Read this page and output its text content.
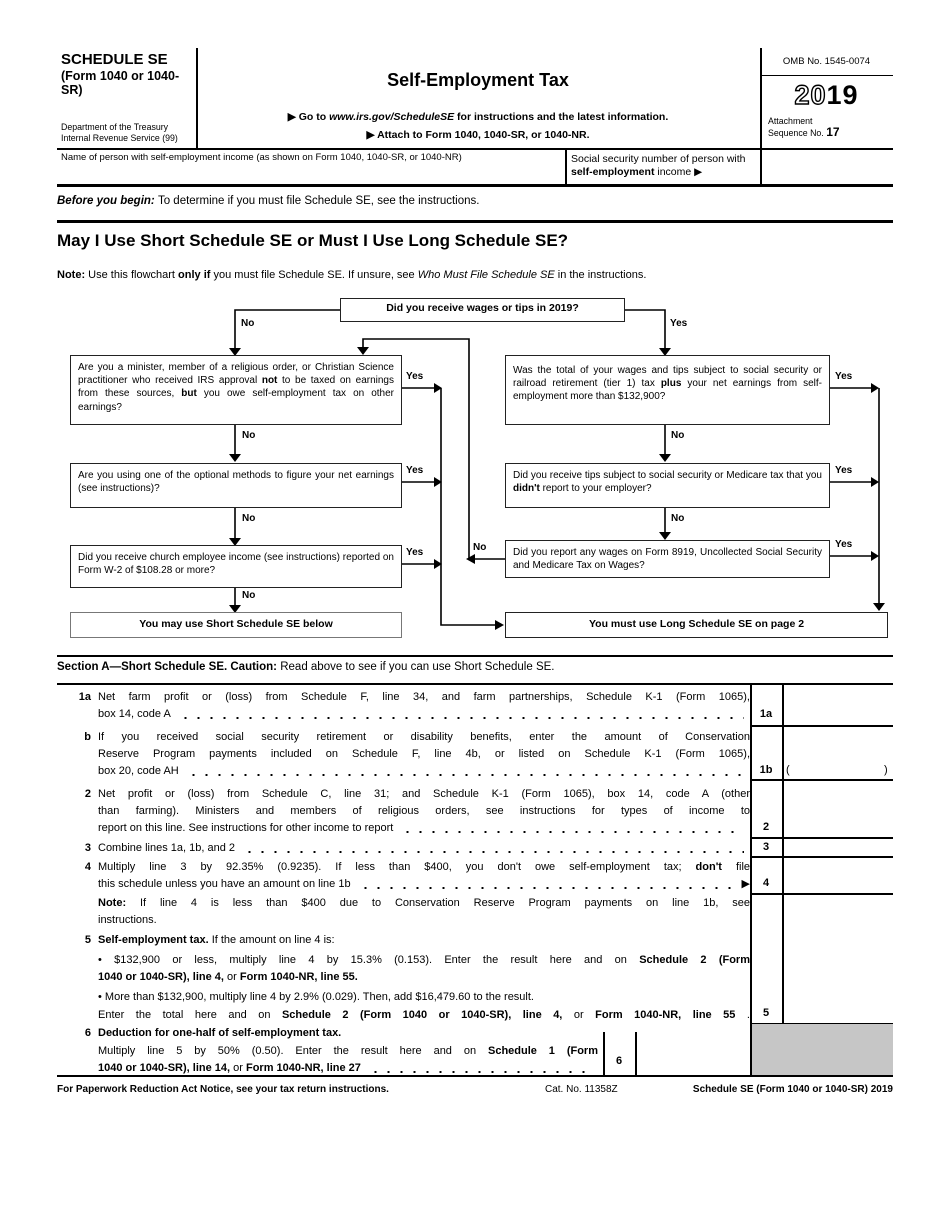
SCHEDULE SE
(Form 1040 or 1040-SR)
Department of the Treasury
Internal Revenue Service (99)
Self-Employment Tax
▶ Go to www.irs.gov/ScheduleSE for instructions and the latest information.
▶ Attach to Form 1040, 1040-SR, or 1040-NR.
OMB No. 1545-0074
2019
Attachment
Sequence No. 17
Name of person with self-employment income (as shown on Form 1040, 1040-SR, or 1040-NR)	Social security number of person with self-employment income ▶
Before you begin: To determine if you must file Schedule SE, see the instructions.
May I Use Short Schedule SE or Must I Use Long Schedule SE?
Note: Use this flowchart only if you must file Schedule SE. If unsure, see Who Must File Schedule SE in the instructions.
Did you receive wages or tips in 2019?
Are you a minister, member of a religious order, or Christian Science practitioner who received IRS approval not to be taxed on earnings from these sources, but you owe self-employment tax on other earnings?
Are you using one of the optional methods to figure your net earnings (see instructions)?
Did you receive church employee income (see instructions) reported on Form W-2 of $108.28 or more?
Was the total of your wages and tips subject to social security or railroad retirement (tier 1) tax plus your net earnings from self-employment more than $132,900?
Did you receive tips subject to social security or Medicare tax that you didn't report to your employer?
Did you report any wages on Form 8919, Uncollected Social Security and Medicare Tax on Wages?
You may use Short Schedule SE below	You must use Long Schedule SE on page 2
No	Yes
No
No
No
Yes
Yes
Yes
No
No
No
Yes
Yes
Yes
Section A—Short Schedule SE. Caution: Read above to see if you can use Short Schedule SE.
1a Net farm profit or (loss) from Schedule F, line 34, and farm partnerships, Schedule K-1 (Form 1065),
box 14, code A	1a
b If you received social security retirement or disability benefits, enter the amount of Conservation
Reserve Program payments included on Schedule F, line 4b, or listed on Schedule K-1 (Form 1065),
box 20, code AH	1b	(	)
2 Net profit or (loss) from Schedule C, line 31; and Schedule K-1 (Form 1065), box 14, code A (other
than farming). Ministers and members of religious orders, see instructions for types of income to
report on this line. See instructions for other income to report	2
3 Combine lines 1a, 1b, and 2	3
4 Multiply line 3 by 92.35% (0.9235). If less than $400, you don't owe self-employment tax; don't file
this schedule unless you have an amount on line 1b	▶	4
Note: If line 4 is less than $400 due to Conservation Reserve Program payments on line 1b, see
instructions.
5 Self-employment tax. If the amount on line 4 is:
• $132,900 or less, multiply line 4 by 15.3% (0.153). Enter the result here and on Schedule 2 (Form
1040 or 1040-SR), line 4, or Form 1040-NR, line 55.
• More than $132,900, multiply line 4 by 2.9% (0.029). Then, add $16,479.60 to the result.
Enter the total here and on Schedule 2 (Form 1040 or 1040-SR), line 4, or Form 1040-NR, line 55 .	5
6 Deduction for one-half of self-employment tax.
Multiply line 5 by 50% (0.50). Enter the result here and on Schedule 1 (Form
1040 or 1040-SR), line 14, or Form 1040-NR, line 27
6
For Paperwork Reduction Act Notice, see your tax return instructions.	Cat. No. 11358Z	Schedule SE (Form 1040 or 1040-SR) 2019
